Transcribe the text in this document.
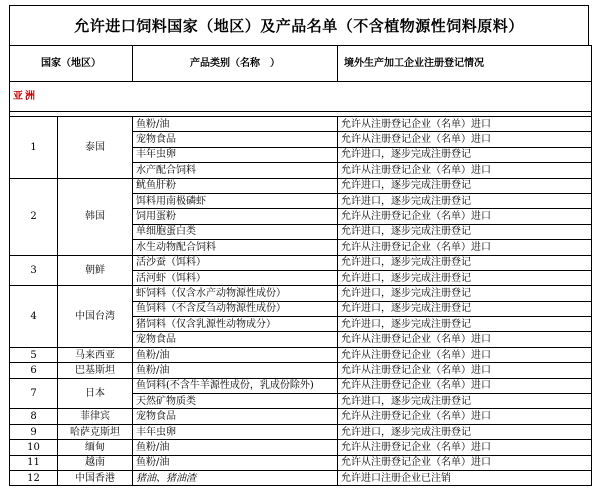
允许进口饲料国家（地区）及产品名单（不含植物源性饲料原料）
国家（地区）		产品类别（名称　）	境外生产加工企业注册登记情况
亚洲			

1	泰国	鱼粉/油	允许从注册登记企业（名单）进口
		宠物食品	允许从注册登记企业（名单）进口
		丰年虫卵	允许进口，逐步完成注册登记
		水产配合饲料	允许从注册登记企业（名单）进口
2	韩国	鱿鱼肝粉	允许进口，逐步完成注册登记
		饵料用南极磷虾	允许进口，逐步完成注册登记
		饲用蛋粉	允许从注册登记企业（名单）进口
		单细胞蛋白类	允许进口，逐步完成注册登记
		水生动物配合饲料	允许从注册登记企业（名单）进口
3	朝鲜	活沙蚕（饵料）	允许进口，逐步完成注册登记
		活河虾（饵料）	允许进口，逐步完成注册登记
4	中国台湾	虾饲料（仅含水产动物源性成份）	允许进口，逐步完成注册登记
		鱼饲料（不含反刍动物源性成份）	允许进口，逐步完成注册登记
		猪饲料（仅含乳源性动物成分）	允许进口，逐步完成注册登记
		宠物食品	允许从注册登记企业（名单）进口
5	马来西亚	鱼粉/油	允许从注册登记企业（名单）进口
6	巴基斯坦	鱼粉/油	允许从注册登记企业（名单）进口
7	日本	鱼饲料(不含牛羊源性成份，乳成份除外)	允许从注册登记企业（名单）进口
		天然矿物质类	允许进口，逐步完成注册登记
8	菲律宾	宠物食品	允许从注册登记企业（名单）进口
9	哈萨克斯坦	丰年虫卵	允许进口，逐步完成注册登记
10	缅甸	鱼粉/油	允许从注册登记企业（名单）进口
11	越南	鱼粉/油	允许从注册登记企业（名单）进口
12	中国香港	猪油、猪油渣	允许进口注册企业已注销
